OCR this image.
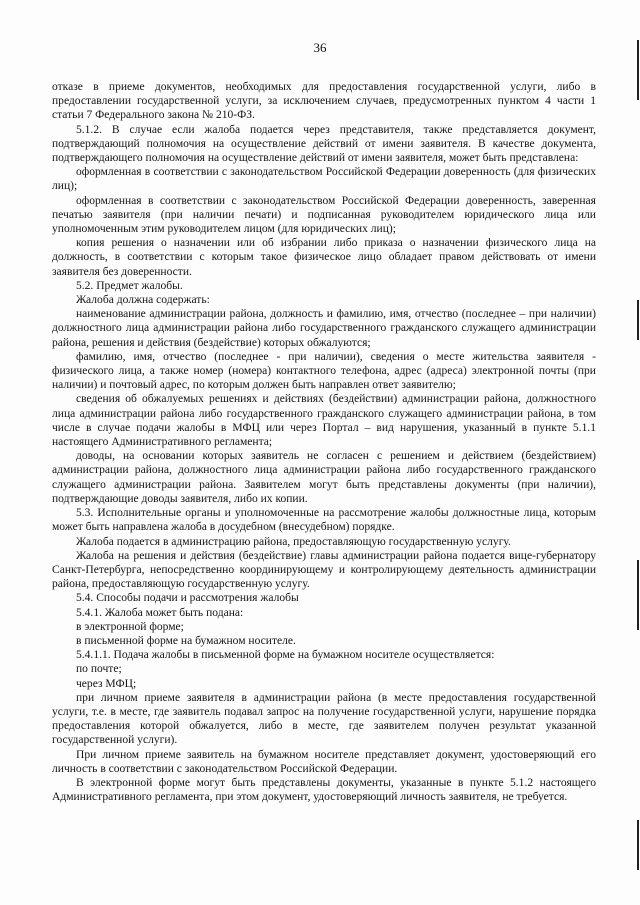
36

отказе в приеме документов, необходимых для предоставления государственной услуги, либо в предоставлении государственной услуги, за исключением случаев, предусмотренных пунктом 4 части 1 статьи 7 Федерального закона № 210-ФЗ.

5.1.2. В случае если жалоба подается через представителя, также представляется документ, подтверждающий полномочия на осуществление действий от имени заявителя. В качестве документа, подтверждающего полномочия на осуществление действий от имени заявителя, может быть представлена:

оформленная в соответствии с законодательством Российской Федерации доверенность (для физических лиц);

оформленная в соответствии с законодательством Российской Федерации доверенность, заверенная печатью заявителя (при наличии печати) и подписанная руководителем юридического лица или уполномоченным этим руководителем лицом (для юридических лиц);

копия решения о назначении или об избрании либо приказа о назначении физического лица на должность, в соответствии с которым такое физическое лицо обладает правом действовать от имени заявителя без доверенности.

5.2. Предмет жалобы.

Жалоба должна содержать:

наименование администрации района, должность и фамилию, имя, отчество (последнее – при наличии) должностного лица администрации района либо государственного гражданского служащего администрации района, решения и действия (бездействие) которых обжалуются;

фамилию, имя, отчество (последнее - при наличии), сведения о месте жительства заявителя - физического лица, а также номер (номера) контактного телефона, адрес (адреса) электронной почты (при наличии) и почтовый адрес, по которым должен быть направлен ответ заявителю;

сведения об обжалуемых решениях и действиях (бездействии) администрации района, должностного лица администрации района либо государственного гражданского служащего администрации района, в том числе в случае подачи жалобы в МФЦ или через Портал – вид нарушения, указанный в пункте 5.1.1 настоящего Административного регламента;

доводы, на основании которых заявитель не согласен с решением и действием (бездействием) администрации района, должностного лица администрации района либо государственного гражданского служащего администрации района. Заявителем могут быть представлены документы (при наличии), подтверждающие доводы заявителя, либо их копии.

5.3. Исполнительные органы и уполномоченные на рассмотрение жалобы должностные лица, которым может быть направлена жалоба в досудебном (внесудебном) порядке.

Жалоба подается в администрацию района, предоставляющую государственную услугу.

Жалоба на решения и действия (бездействие) главы администрации района подается вице-губернатору Санкт-Петербурга, непосредственно координирующему и контролирующему деятельность администрации района, предоставляющую государственную услугу.

5.4. Способы подачи и рассмотрения жалобы

5.4.1. Жалоба может быть подана:

в электронной форме;

в письменной форме на бумажном носителе.

5.4.1.1. Подача жалобы в письменной форме на бумажном носителе осуществляется:

по почте;

через МФЦ;

при личном приеме заявителя в администрации района (в месте предоставления государственной услуги, т.е. в месте, где заявитель подавал запрос на получение государственной услуги, нарушение порядка предоставления которой обжалуется, либо в месте, где заявителем получен результат указанной государственной услуги).

При личном приеме заявитель на бумажном носителе представляет документ, удостоверяющий его личность в соответствии с законодательством Российской Федерации.

В электронной форме могут быть представлены документы, указанные в пункте 5.1.2 настоящего Административного регламента, при этом документ, удостоверяющий личность заявителя, не требуется.
